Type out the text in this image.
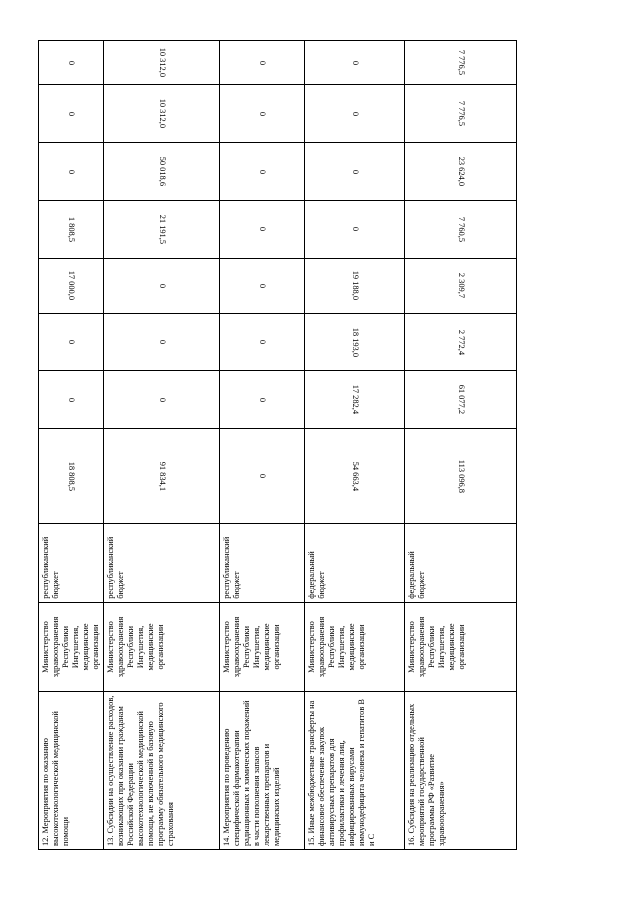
12. Мероприятия по оказанию высокотехнологической медицинской помощи	Министерство здравоохранения Республики Ингушетия, медицинские организации	республиканский бюджет	18 808,5	0	0	17 000,0	1 808,5	0	0	0
13. Субсидии на осуществление расходов, возникающих при оказании гражданам Российской Федерации высокотехнологической медицинской помощи, не включенной в базовую программу обязательного медицинского страхования	Министерство здравоохранения Республики Ингушетия, медицинские организации	республиканский бюджет	91 834,1	0	0	0	21 191,5	50 018,6	10 312,0	10 312,0
14. Мероприятия по проведению специфической фармакотерапии радиационных и химических поражений в части пополнения запасов лекарственных препаратов и медицинских изделий	Министерство здравоохранения Республики Ингушетия, медицинские организации	республиканский бюджет	0	0	0	0	0	0	0	0
15. Иные межбюджетные трансферты на финансовое обеспечение закупок антивирусных препаратов для профилактики и лечения лиц, инфицированных вирусами иммунодефицита человека и гепатитов В и С	Министерство здравоохранения Республики Ингушетия, медицинские организации	федеральный бюджет	54 663,4	17 282,4	18 193,0	19 188,0	0	0	0	0
16. Субсидия на реализацию отдельных мероприятий государственной программы РФ «Развитие здравоохранения»	Министерство здравоохранения Республики Ингушетия, медицинские организации	федеральный бюджет	113 096,8	61 077,2	2 772,4	2 309,7	7 760,5	23 624,0	7 776,5	7 776,5
